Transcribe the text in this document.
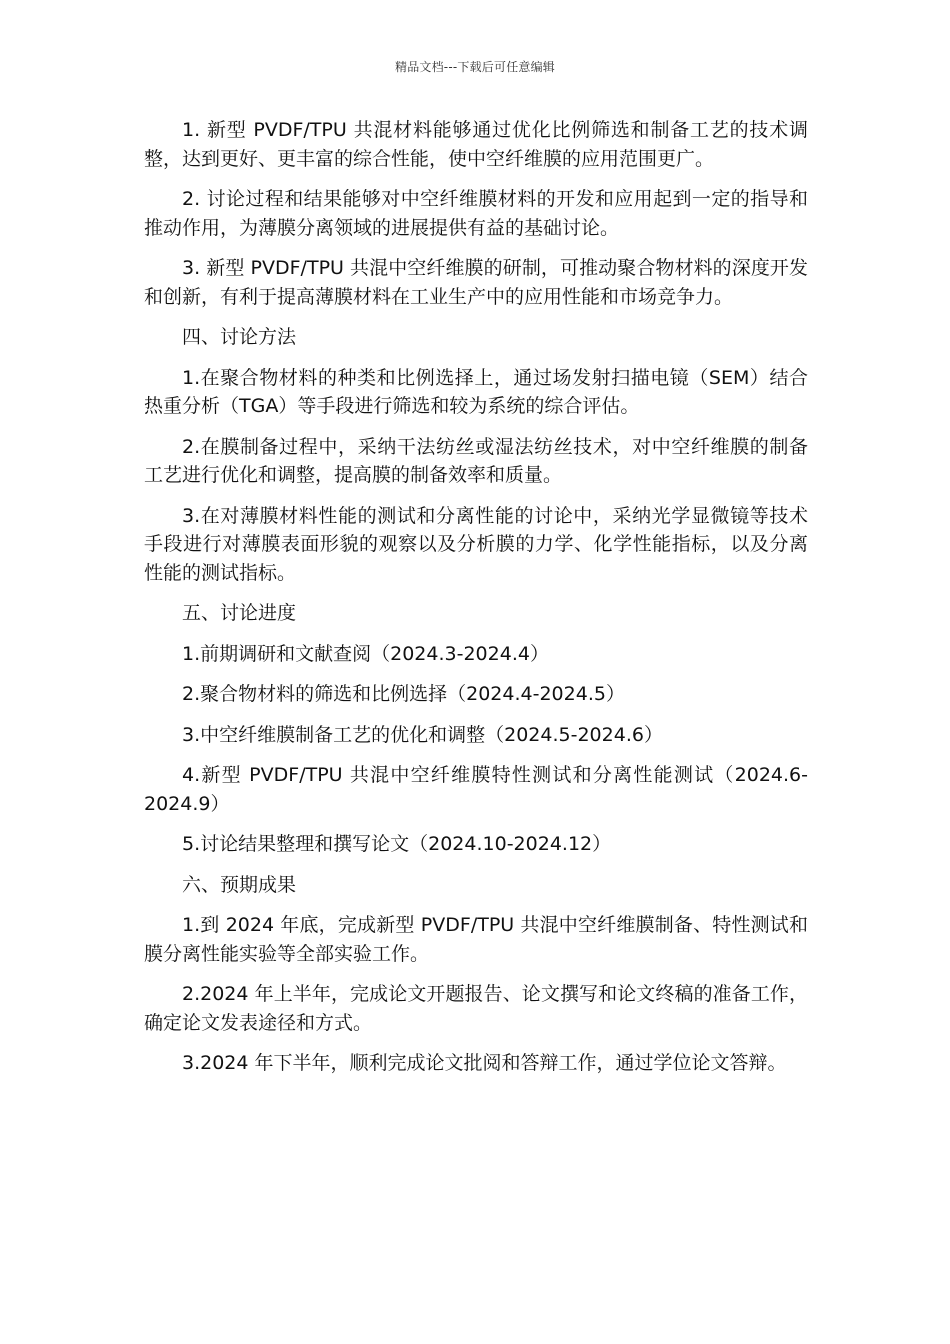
精品文档---下载后可任意编辑

1. 新型 PVDF/TPU 共混材料能够通过优化比例筛选和制备工艺的技术调整，达到更好、更丰富的综合性能，使中空纤维膜的应用范围更广。

2. 讨论过程和结果能够对中空纤维膜材料的开发和应用起到一定的指导和推动作用，为薄膜分离领域的进展提供有益的基础讨论。

3. 新型 PVDF/TPU 共混中空纤维膜的研制，可推动聚合物材料的深度开发和创新，有利于提高薄膜材料在工业生产中的应用性能和市场竞争力。

四、讨论方法

1.在聚合物材料的种类和比例选择上，通过场发射扫描电镜（SEM）结合热重分析（TGA）等手段进行筛选和较为系统的综合评估。

2.在膜制备过程中，采纳干法纺丝或湿法纺丝技术，对中空纤维膜的制备工艺进行优化和调整，提高膜的制备效率和质量。

3.在对薄膜材料性能的测试和分离性能的讨论中，采纳光学显微镜等技术手段进行对薄膜表面形貌的观察以及分析膜的力学、化学性能指标，以及分离性能的测试指标。

五、讨论进度

1.前期调研和文献查阅（2024.3-2024.4）

2.聚合物材料的筛选和比例选择（2024.4-2024.5）

3.中空纤维膜制备工艺的优化和调整（2024.5-2024.6）

4.新型 PVDF/TPU 共混中空纤维膜特性测试和分离性能测试（2024.6-2024.9）

5.讨论结果整理和撰写论文（2024.10-2024.12）

六、预期成果

1.到 2024 年底，完成新型 PVDF/TPU 共混中空纤维膜制备、特性测试和膜分离性能实验等全部实验工作。

2.2024 年上半年，完成论文开题报告、论文撰写和论文终稿的准备工作，确定论文发表途径和方式。

3.2024 年下半年，顺利完成论文批阅和答辩工作，通过学位论文答辩。
